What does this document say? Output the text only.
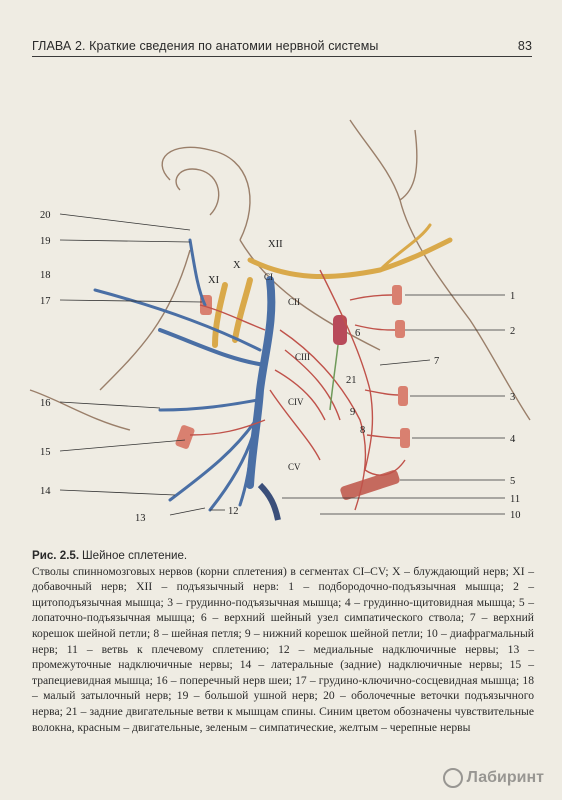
ГЛАВА 2. Краткие сведения по анатомии нервной системы	83
20
19
18
17
16
15
14
13
12
1
2
3
4
5
6
7
8
9
10
11
21
XI
X
XII
CI
CII
CIII
CIV
CV
Рис. 2.5. Шейное сплетение.
Стволы спинномозговых нервов (корни сплетения) в сегментах CI–CV; X – блуждающий нерв; XI – добавочный нерв; XII – подъязычный нерв: 1 – подбородочно-подъязычная мышца; 2 – щитоподъязычная мышца; 3 – грудинно-подъязычная мышца; 4 – грудинно-щитовидная мышца; 5 – лопаточно-подъязычная мышца; 6 – верхний шейный узел симпатического ствола; 7 – верхний корешок шейной петли; 8 – шейная петля; 9 – нижний корешок шейной петли; 10 – диафрагмальный нерв; 11 – ветвь к плечевому сплетению; 12 – медиальные надключичные нервы; 13 – промежуточные надключичные нервы; 14 – латеральные (задние) надключичные нервы; 15 – трапециевидная мышца; 16 – поперечный нерв шеи; 17 – грудино-ключично-сосцевидная мышца; 18 – малый затылочный нерв; 19 – большой ушной нерв; 20 – оболочечные веточки подъязычного нерва; 21 – задние двигательные ветви к мышцам спины. Синим цветом обозначены чувствительные волокна, красным – двигательные, зеленым – симпатические, желтым – черепные нервы
Лабиринт
